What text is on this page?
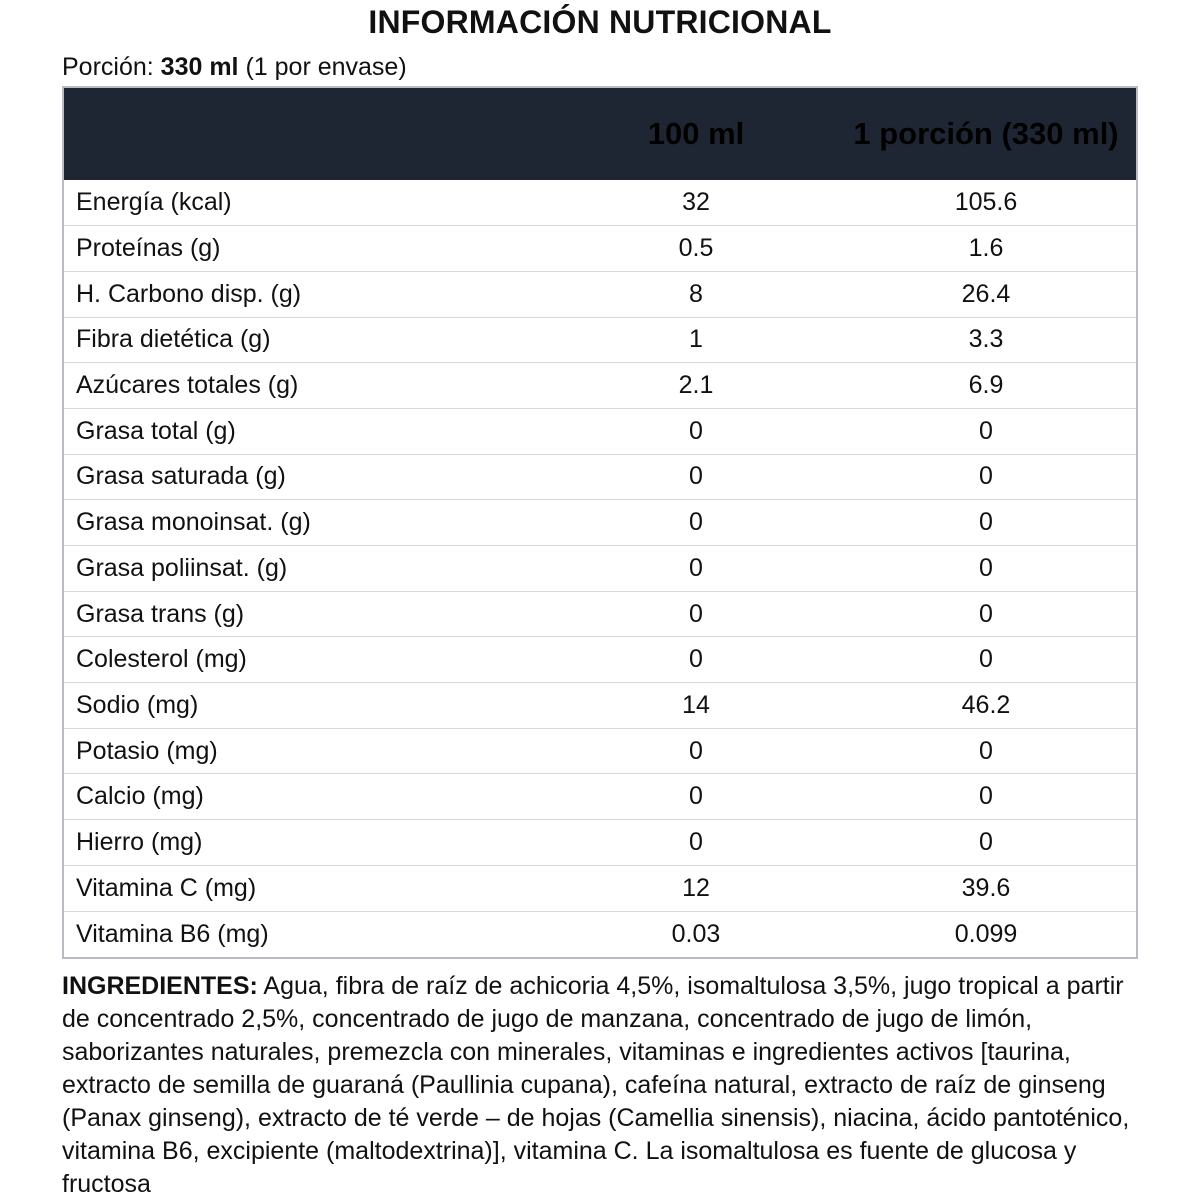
INFORMACIÓN NUTRICIONAL
Porción: 330 ml (1 por envase)
	100 ml	1 porción (330 ml)
Energía (kcal)	32	105.6
Proteínas (g)	0.5	1.6
H. Carbono disp. (g)	8	26.4
Fibra dietética (g)	1	3.3
Azúcares totales (g)	2.1	6.9
Grasa total (g)	0	0
Grasa saturada (g)	0	0
Grasa monoinsat. (g)	0	0
Grasa poliinsat. (g)	0	0
Grasa trans (g)	0	0
Colesterol (mg)	0	0
Sodio (mg)	14	46.2
Potasio (mg)	0	0
Calcio (mg)	0	0
Hierro (mg)	0	0
Vitamina C (mg)	12	39.6
Vitamina B6 (mg)	0.03	0.099
INGREDIENTES: Agua, fibra de raíz de achicoria 4,5%, isomaltulosa 3,5%, jugo tropical a partir de concentrado 2,5%, concentrado de jugo de manzana, concentrado de jugo de limón, saborizantes naturales, premezcla con minerales, vitaminas e ingredientes activos [taurina, extracto de semilla de guaraná (Paullinia cupana), cafeína natural, extracto de raíz de ginseng (Panax ginseng), extracto de té verde – de hojas (Camellia sinensis), niacina, ácido pantoténico, vitamina B6, excipiente (maltodextrina)], vitamina C. La isomaltulosa es fuente de glucosa y fructosa
